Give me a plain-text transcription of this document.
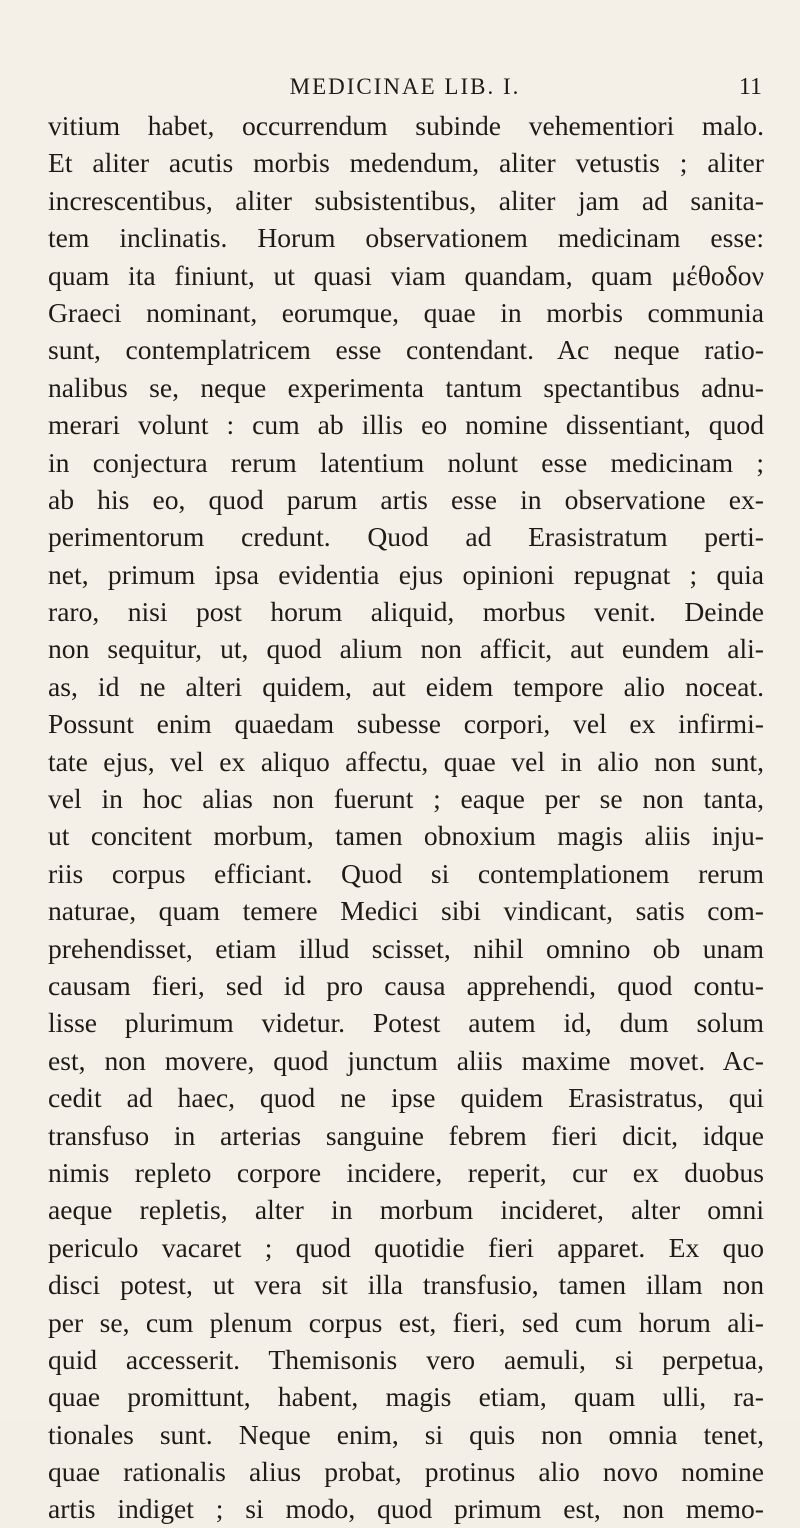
MEDICINAE LIB. I.	11
vitium habet, occurrendum subinde vehementiori malo.
Et aliter acutis morbis medendum, aliter vetustis ; aliter
increscentibus, aliter subsistentibus, aliter jam ad sanita-
tem inclinatis. Horum observationem medicinam esse:
quam ita finiunt, ut quasi viam quandam, quam μέθοδον
Graeci nominant, eorumque, quae in morbis communia
sunt, contemplatricem esse contendant. Ac neque ratio-
nalibus se, neque experimenta tantum spectantibus adnu-
merari volunt : cum ab illis eo nomine dissentiant, quod
in conjectura rerum latentium nolunt esse medicinam ;
ab his eo, quod parum artis esse in observatione ex-
perimentorum credunt. Quod ad Erasistratum perti-
net, primum ipsa evidentia ejus opinioni repugnat ; quia
raro, nisi post horum aliquid, morbus venit. Deinde
non sequitur, ut, quod alium non afficit, aut eundem ali-
as, id ne alteri quidem, aut eidem tempore alio noceat.
Possunt enim quaedam subesse corpori, vel ex infirmi-
tate ejus, vel ex aliquo affectu, quae vel in alio non sunt,
vel in hoc alias non fuerunt ; eaque per se non tanta,
ut concitent morbum, tamen obnoxium magis aliis inju-
riis corpus efficiant. Quod si contemplationem rerum
naturae, quam temere Medici sibi vindicant, satis com-
prehendisset, etiam illud scisset, nihil omnino ob unam
causam fieri, sed id pro causa apprehendi, quod contu-
lisse plurimum videtur. Potest autem id, dum solum
est, non movere, quod junctum aliis maxime movet. Ac-
cedit ad haec, quod ne ipse quidem Erasistratus, qui
transfuso in arterias sanguine febrem fieri dicit, idque
nimis repleto corpore incidere, reperit, cur ex duobus
aeque repletis, alter in morbum incideret, alter omni
periculo vacaret ; quod quotidie fieri apparet. Ex quo
disci potest, ut vera sit illa transfusio, tamen illam non
per se, cum plenum corpus est, fieri, sed cum horum ali-
quid accesserit. Themisonis vero aemuli, si perpetua,
quae promittunt, habent, magis etiam, quam ulli, ra-
tionales sunt. Neque enim, si quis non omnia tenet,
quae rationalis alius probat, protinus alio novo nomine
artis indiget ; si modo, quod primum est, non memo-
